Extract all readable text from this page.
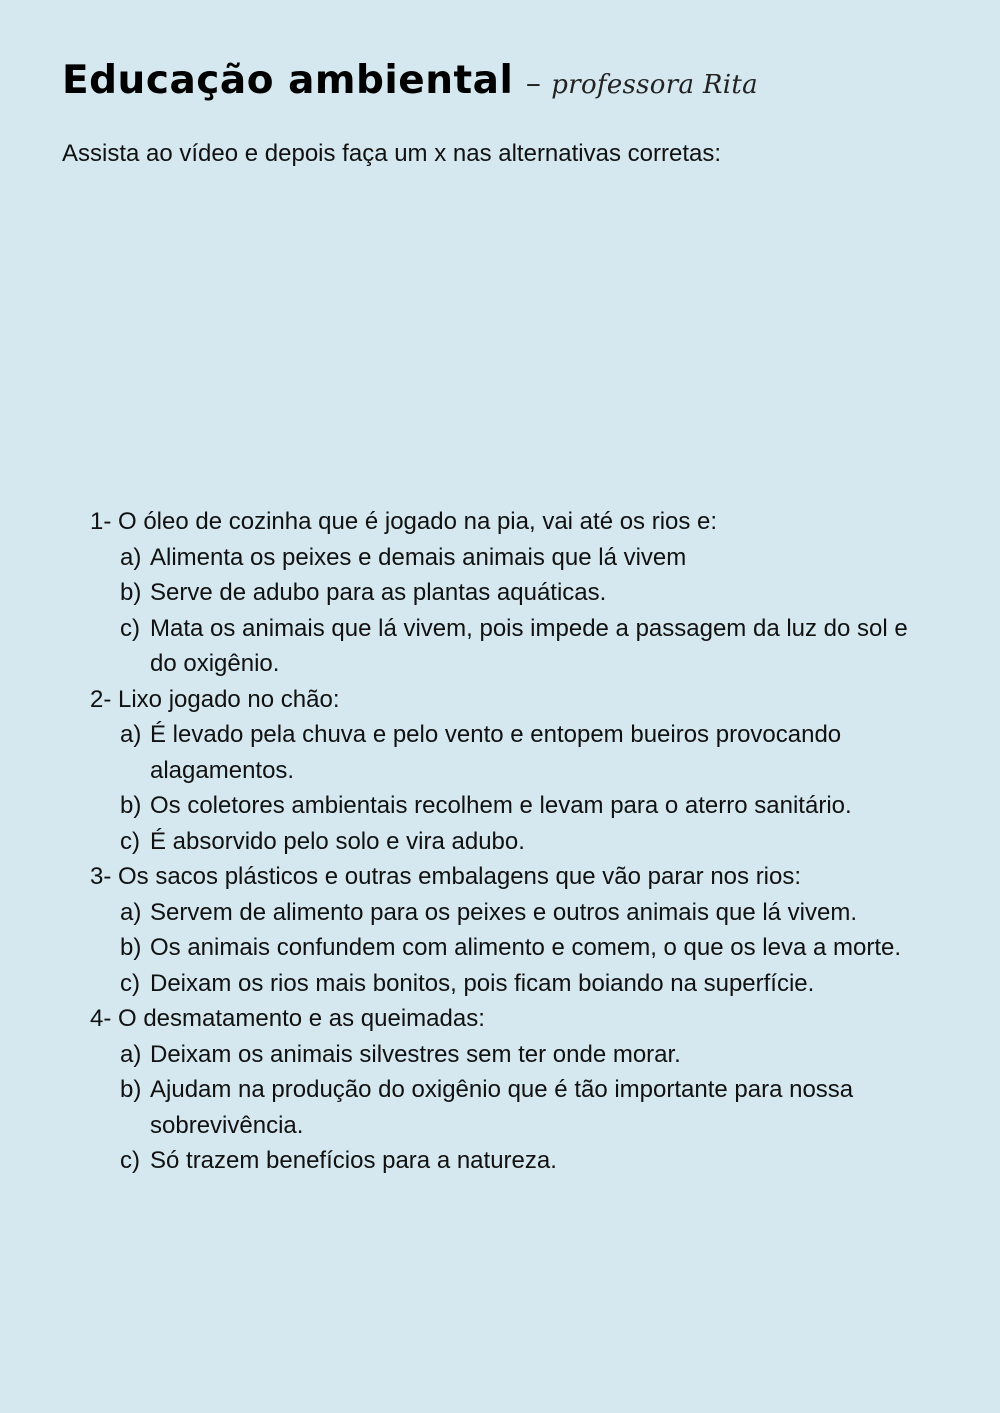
Educação ambiental – professora Rita
Assista ao vídeo e depois faça um x nas alternativas corretas:
1- O óleo de cozinha que é jogado na pia, vai até os rios e:
a) Alimenta os peixes e demais animais que lá vivem
b) Serve de adubo para as plantas aquáticas.
c) Mata os animais que lá vivem, pois impede a passagem da luz do sol e do oxigênio.
2- Lixo jogado no chão:
a) É levado pela chuva e pelo vento e entopem bueiros provocando alagamentos.
b) Os coletores ambientais recolhem e levam para o aterro sanitário.
c) É absorvido pelo solo e vira adubo.
3- Os sacos plásticos e outras embalagens que vão parar nos rios:
a) Servem de alimento para os peixes e outros animais que lá vivem.
b) Os animais confundem com alimento e comem, o que os leva a morte.
c) Deixam os rios mais bonitos, pois ficam boiando na superfície.
4- O desmatamento e as queimadas:
a) Deixam os animais silvestres sem ter onde morar.
b) Ajudam na produção do oxigênio que é tão importante para nossa sobrevivência.
c) Só trazem benefícios para a natureza.
